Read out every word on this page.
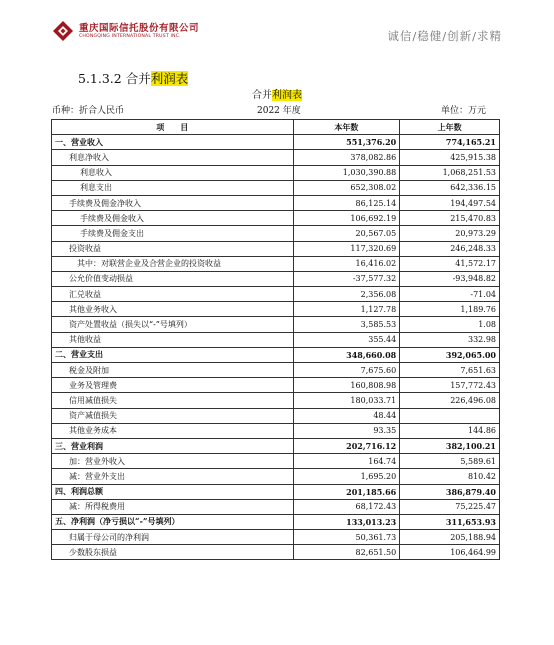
重庆国际信托股份有限公司
CHONGQING INTERNATIONAL TRUST INC.	诚信/稳健/创新/求精
5.1.3.2 合并利润表
合并利润表
币种：折合人民币	2022 年度	单位：万元
项　　目	本年数	上年数
一、营业收入	551,376.20	774,165.21
利息净收入	378,082.86	425,915.38
利息收入	1,030,390.88	1,068,251.53
利息支出	652,308.02	642,336.15
手续费及佣金净收入	86,125.14	194,497.54
手续费及佣金收入	106,692.19	215,470.83
手续费及佣金支出	20,567.05	20,973.29
投资收益	117,320.69	246,248.33
其中：对联营企业及合营企业的投资收益	16,416.02	41,572.17
公允价值变动损益	-37,577.32	-93,948.82
汇兑收益	2,356.08	-71.04
其他业务收入	1,127.78	1,189.76
资产处置收益（损失以“-”号填列）	3,585.53	1.08
其他收益	355.44	332.98
二、营业支出	348,660.08	392,065.00
税金及附加	7,675.60	7,651.63
业务及管理费	160,808.98	157,772.43
信用减值损失	180,033.71	226,496.08
资产减值损失	48.44	
其他业务成本	93.35	144.86
三、营业利润	202,716.12	382,100.21
加：营业外收入	164.74	5,589.61
减：营业外支出	1,695.20	810.42
四、利润总额	201,185.66	386,879.40
减：所得税费用	68,172.43	75,225.47
五、净利润（净亏损以“-”号填列）	133,013.23	311,653.93
归属于母公司的净利润	50,361.73	205,188.94
少数股东损益	82,651.50	106,464.99
